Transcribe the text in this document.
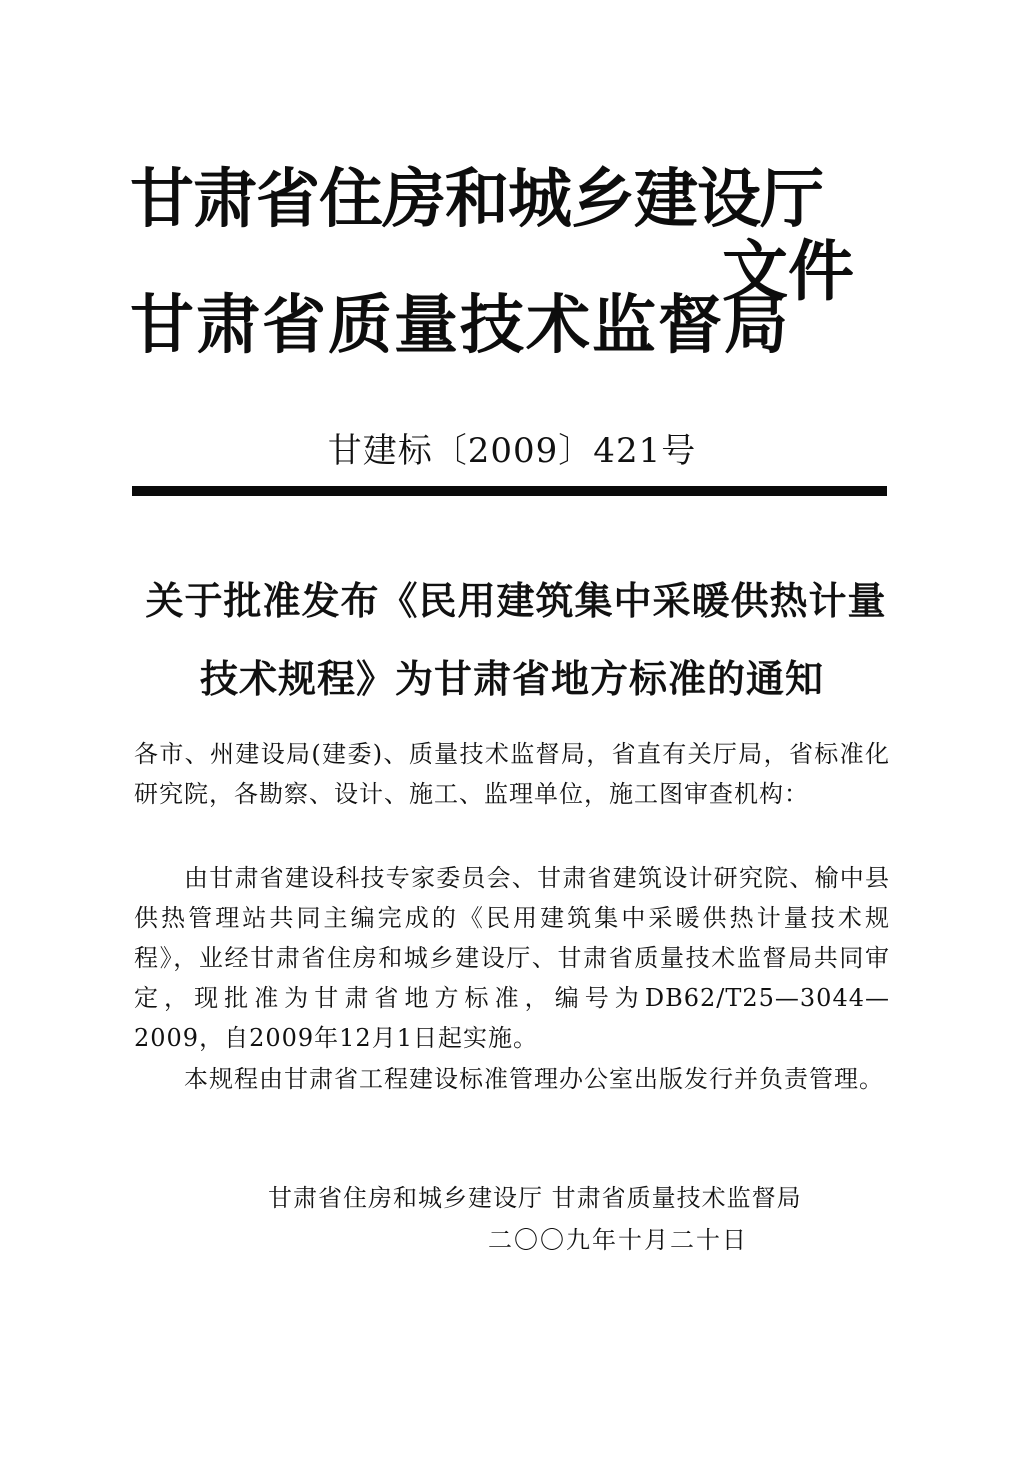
甘肃省住房和城乡建设厅
甘肃省质量技术监督局
文件
甘建标〔2009〕421号
关于批准发布《民用建筑集中采暖供热计量
技术规程》为甘肃省地方标准的通知
各市、州建设局(建委)、质量技术监督局，省直有关厅局，省标准化研究院，各勘察、设计、施工、监理单位，施工图审查机构：
由甘肃省建设科技专家委员会、甘肃省建筑设计研究院、榆中县供热管理站共同主编完成的《民用建筑集中采暖供热计量技术规程》，业经甘肃省住房和城乡建设厅、甘肃省质量技术监督局共同审定，现批准为甘肃省地方标准，编号为DB62/T25—3044—2009，自2009年12月1日起实施。
本规程由甘肃省工程建设标准管理办公室出版发行并负责管理。
甘肃省住房和城乡建设厅 甘肃省质量技术监督局
二〇〇九年十月二十日
